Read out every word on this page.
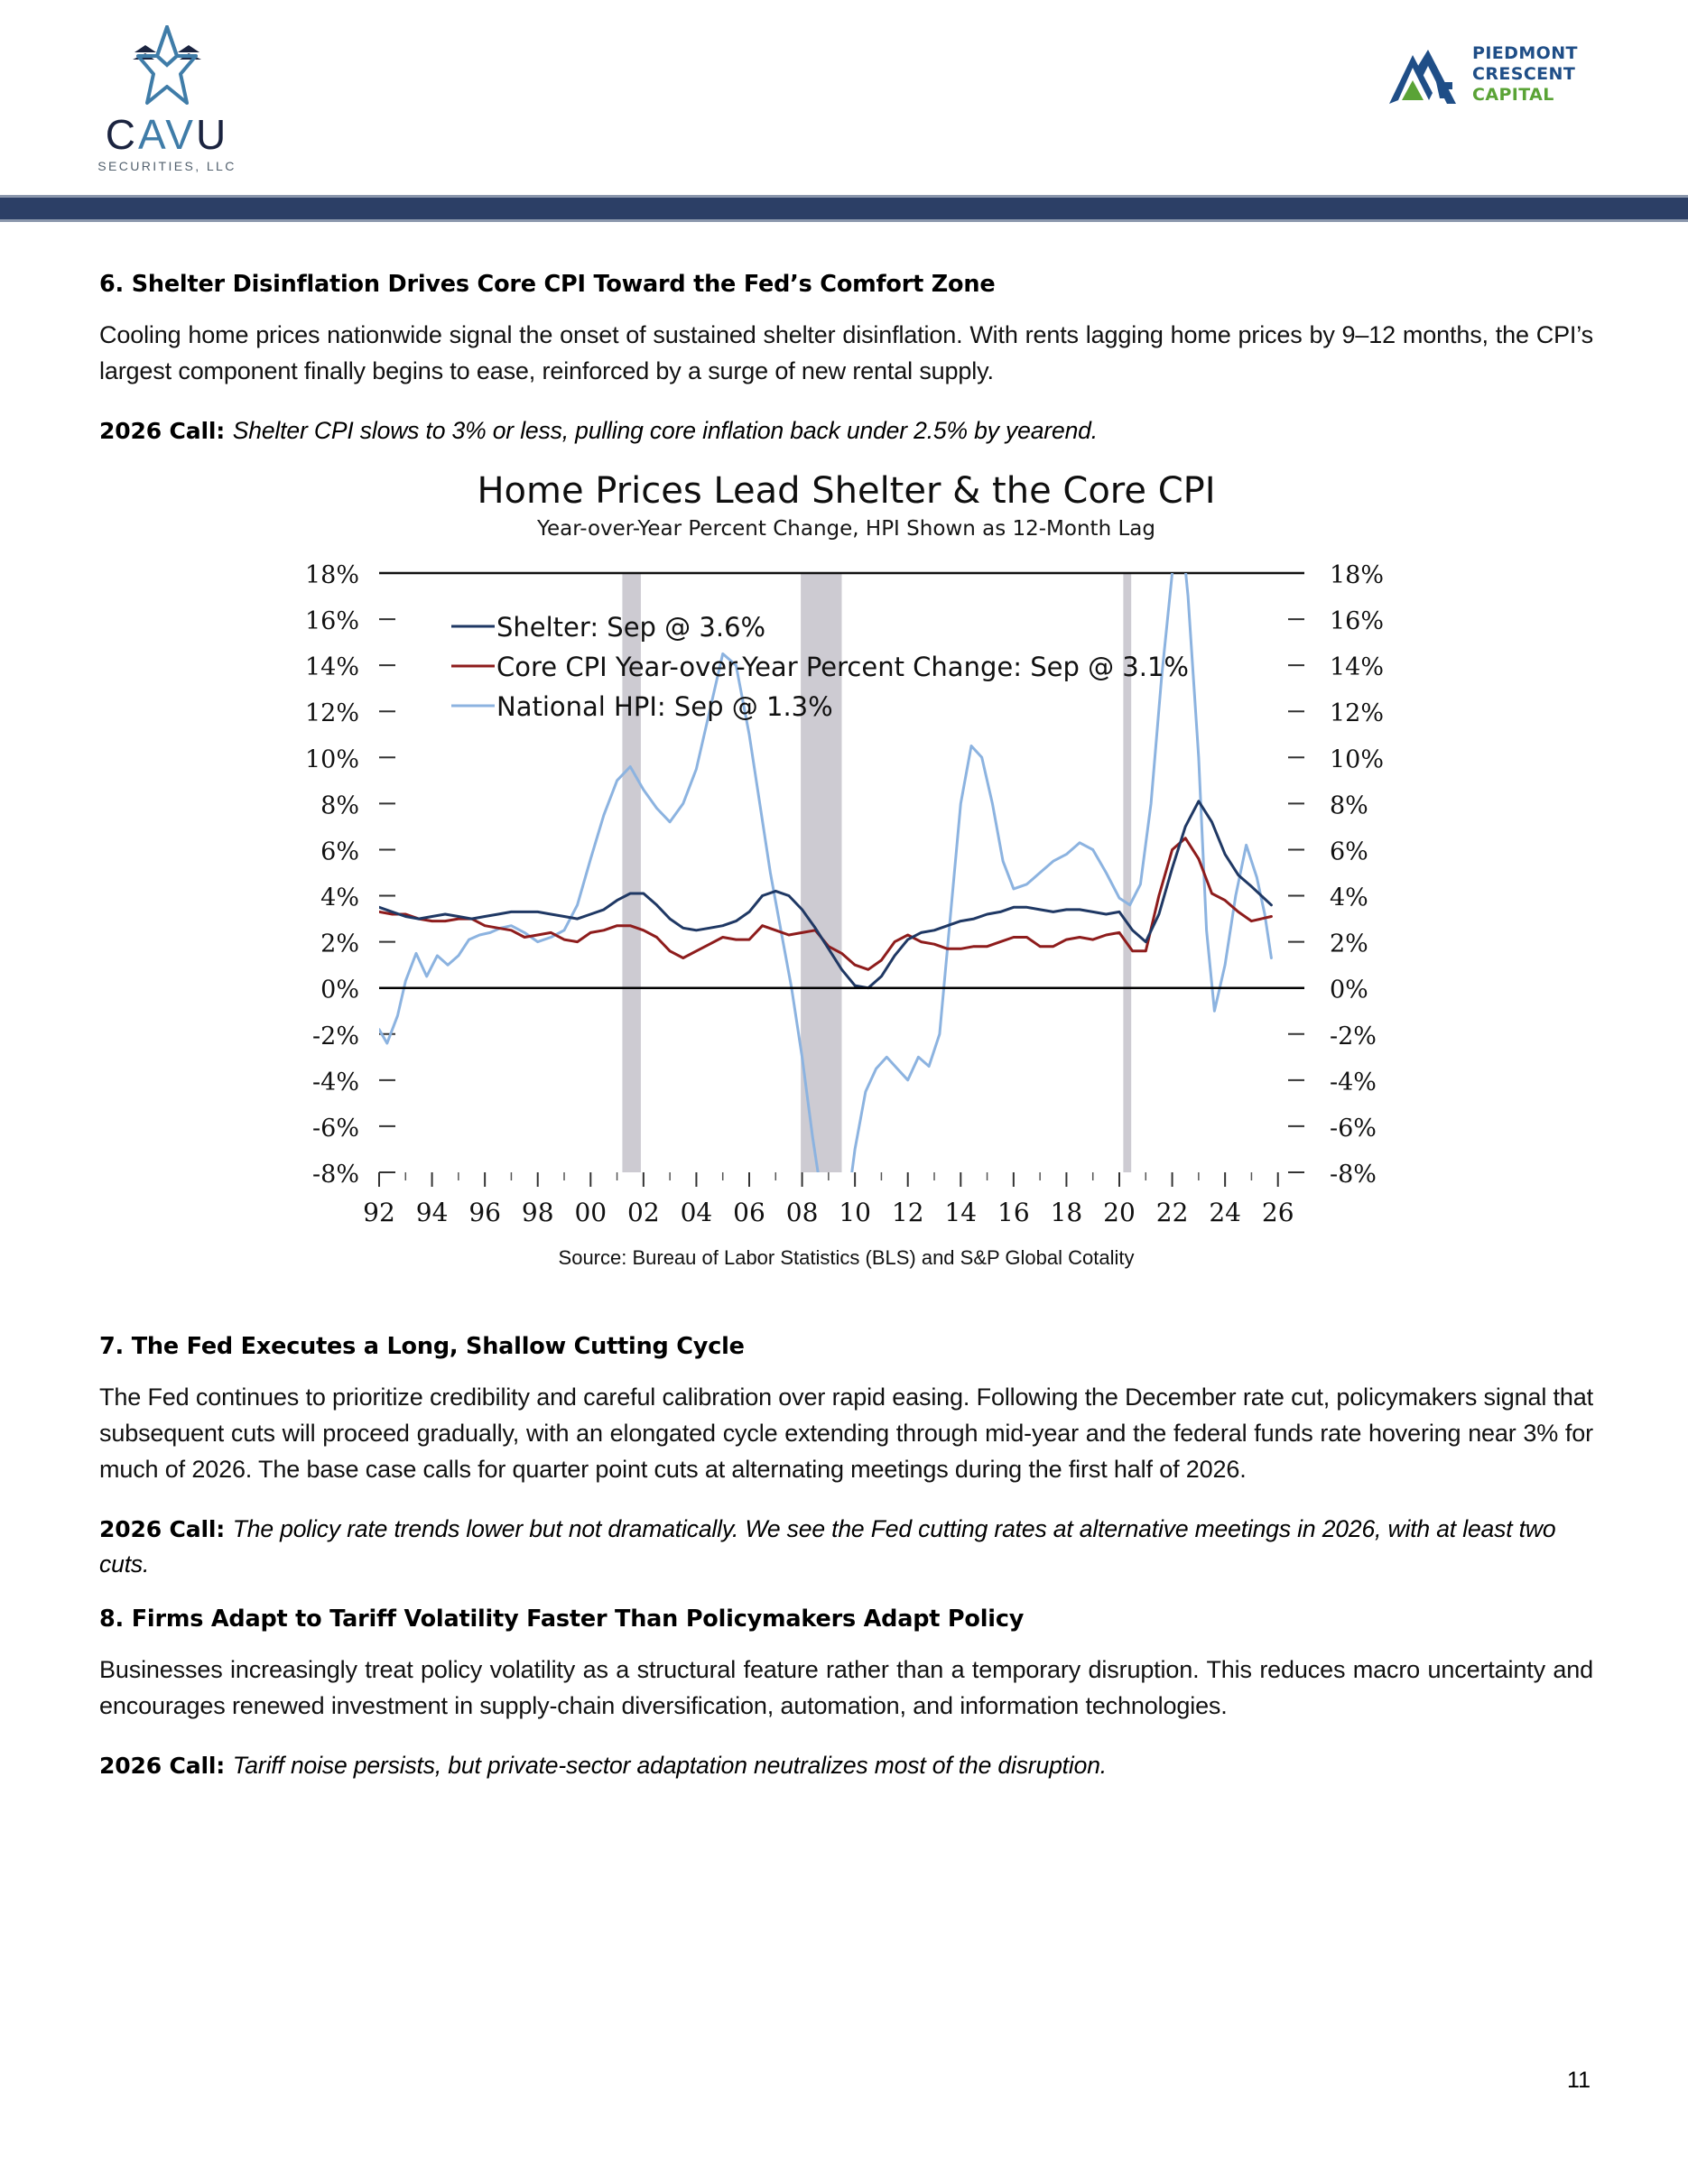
CAVU
SECURITIES, LLC
PIEDMONT
CRESCENT
CAPITAL
6. Shelter Disinflation Drives Core CPI Toward the Fed’s Comfort Zone

Cooling home prices nationwide signal the onset of sustained shelter disinflation. With rents lagging home prices by 9–12 months, the CPI’s largest component finally begins to ease, reinforced by a surge of new rental supply.

2026 Call: Shelter CPI slows to 3% or less, pulling core inflation back under 2.5% by yearend.

Home Prices Lead Shelter & the Core CPI
Year-over-Year Percent Change, HPI Shown as 12-Month Lag
18%	18%
16%	16%
14%	14%
12%	12%
10%	10%
8%	8%
6%	6%
4%	4%
2%	2%
0%	0%
-2%	-2%
-4%	-4%
-6%	-6%
-8%	-8%
92 94 96 98 00 02 04 06 08 10 12 14 16 18 20 22 24 26
Shelter: Sep @ 3.6%
Core CPI Year-over-Year Percent Change: Sep @ 3.1%
National HPI: Sep @ 1.3%
Source: Bureau of Labor Statistics (BLS) and S&P Global Cotality
7. The Fed Executes a Long, Shallow Cutting Cycle

The Fed continues to prioritize credibility and careful calibration over rapid easing. Following the December rate cut, policymakers signal that subsequent cuts will proceed gradually, with an elongated cycle extending through mid-year and the federal funds rate hovering near 3% for much of 2026. The base case calls for quarter point cuts at alternating meetings during the first half of 2026.

2026 Call: The policy rate trends lower but not dramatically. We see the Fed cutting rates at alternative meetings in 2026, with at least two cuts.

8. Firms Adapt to Tariff Volatility Faster Than Policymakers Adapt Policy

Businesses increasingly treat policy volatility as a structural feature rather than a temporary disruption. This reduces macro uncertainty and encourages renewed investment in supply-chain diversification, automation, and information technologies.

2026 Call: Tariff noise persists, but private-sector adaptation neutralizes most of the disruption.

11
